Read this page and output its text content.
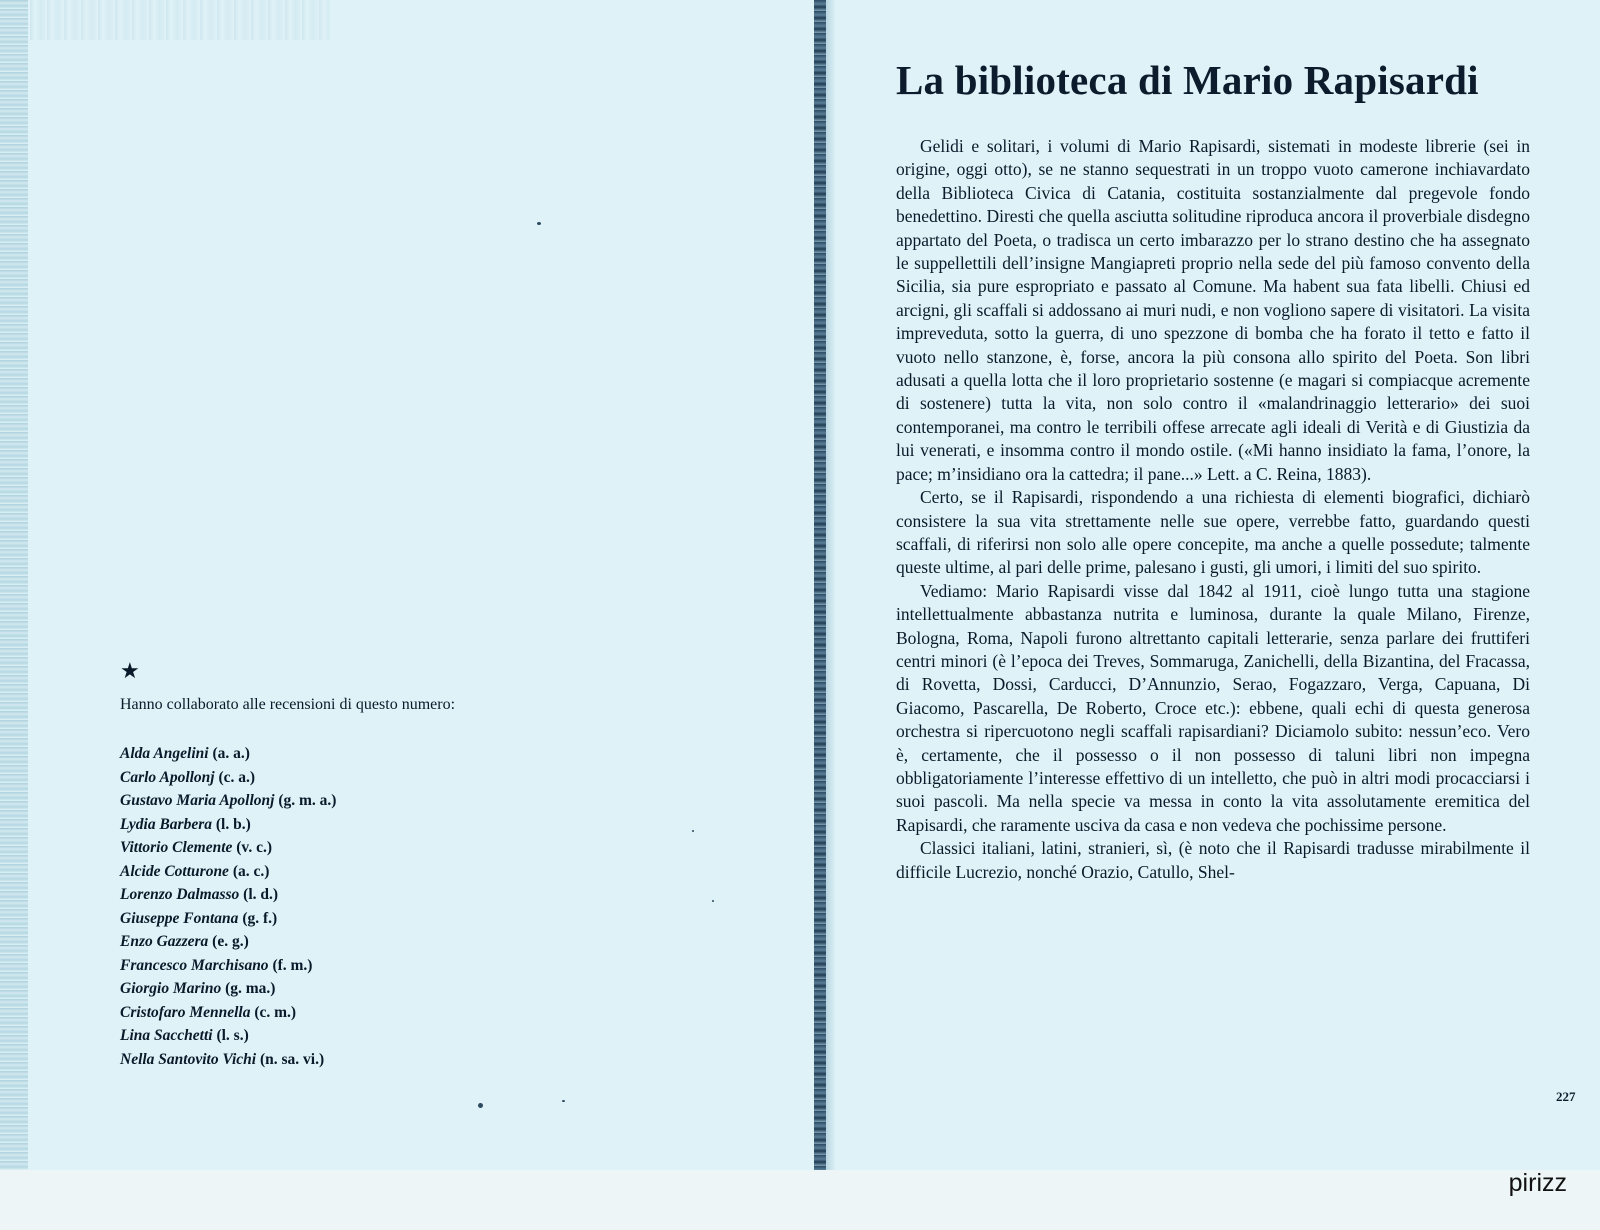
★
Hanno collaborato alle recensioni di questo numero:
Alda Angelini (a. a.)
Carlo Apollonj (c. a.)
Gustavo Maria Apollonj (g. m. a.)
Lydia Barbera (l. b.)
Vittorio Clemente (v. c.)
Alcide Cotturone (a. c.)
Lorenzo Dalmasso (l. d.)
Giuseppe Fontana (g. f.)
Enzo Gazzera (e. g.)
Francesco Marchisano (f. m.)
Giorgio Marino (g. ma.)
Cristofaro Mennella (c. m.)
Lina Sacchetti (l. s.)
Nella Santovito Vichi (n. sa. vi.)
La biblioteca di Mario Rapisardi

Gelidi e solitari, i volumi di Mario Rapisardi, sistemati in modeste librerie (sei in origine, oggi otto), se ne stanno sequestrati in un troppo vuoto camerone inchiavardato della Biblioteca Civica di Catania, costituita sostanzialmente dal pregevole fondo benedettino. Diresti che quella asciutta solitudine riproduca ancora il proverbiale disdegno appartato del Poeta, o tradisca un certo imbarazzo per lo strano destino che ha assegnato le suppellettili dell’insigne Mangiapreti proprio nella sede del più famoso convento della Sicilia, sia pure espropriato e passato al Comune. Ma habent sua fata libelli. Chiusi ed arcigni, gli scaffali si addossano ai muri nudi, e non vogliono sapere di visitatori. La visita impreveduta, sotto la guerra, di uno spezzone di bomba che ha forato il tetto e fatto il vuoto nello stanzone, è, forse, ancora la più consona allo spirito del Poeta. Son libri adusati a quella lotta che il loro proprietario sostenne (e magari si compiacque acremente di sostenere) tutta la vita, non solo contro il «malandrinaggio letterario» dei suoi contemporanei, ma contro le terribili offese arrecate agli ideali di Verità e di Giustizia da lui venerati, e insomma contro il mondo ostile. («Mi hanno insidiato la fama, l’onore, la pace; m’insidiano ora la cattedra; il pane...» Lett. a C. Reina, 1883).

Certo, se il Rapisardi, rispondendo a una richiesta di elementi biografici, dichiarò consistere la sua vita strettamente nelle sue opere, verrebbe fatto, guardando questi scaffali, di riferirsi non solo alle opere concepite, ma anche a quelle possedute; talmente queste ultime, al pari delle prime, palesano i gusti, gli umori, i limiti del suo spirito.

Vediamo: Mario Rapisardi visse dal 1842 al 1911, cioè lungo tutta una stagione intellettualmente abbastanza nutrita e luminosa, durante la quale Milano, Firenze, Bologna, Roma, Napoli furono altrettanto capitali letterarie, senza parlare dei fruttiferi centri minori (è l’epoca dei Treves, Sommaruga, Zanichelli, della Bizantina, del Fracassa, di Rovetta, Dossi, Carducci, D’Annunzio, Serao, Fogazzaro, Verga, Capuana, Di Giacomo, Pascarella, De Roberto, Croce etc.): ebbene, quali echi di questa generosa orchestra si ripercuotono negli scaffali rapisardiani? Diciamolo subito: nessun’eco. Vero è, certamente, che il possesso o il non possesso di taluni libri non impegna obbligatoriamente l’interesse effettivo di un intelletto, che può in altri modi procacciarsi i suoi pascoli. Ma nella specie va messa in conto la vita assolutamente eremitica del Rapisardi, che raramente usciva da casa e non vedeva che pochissime persone.

Classici italiani, latini, stranieri, sì, (è noto che il Rapisardi tradusse mirabilmente il difficile Lucrezio, nonché Orazio, Catullo, Shel-

227
pirizz
